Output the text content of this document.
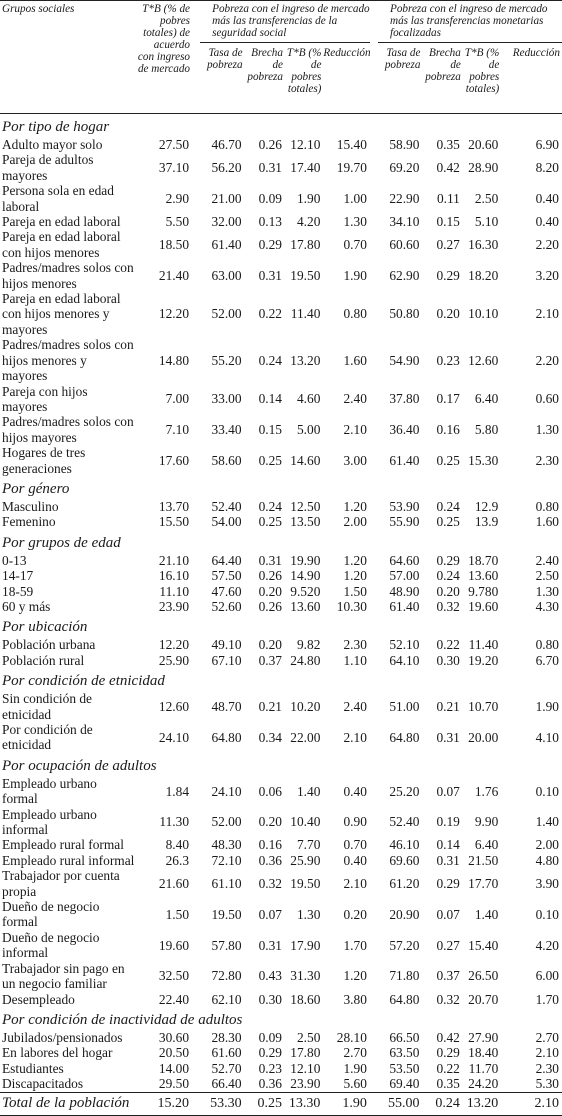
Grupos sociales	T*B (% de pobres totales) de acuerdo con ingreso de mercado		Pobreza con el ingreso de mercado más las transferencias de la seguridad social					Pobreza con el ingreso de mercado más las transferencias monetarias focalizadas			
			Tasa de pobreza	Brecha de pobreza	T*B (% de pobres totales)	Reducción		Tasa de pobreza	Brecha de pobreza	T*B (% de pobres totales)	Reducción

Por tipo de hogar											
Adulto mayor solo	27.50		46.70	0.26	12.10	15.40		58.90	0.35	20.60	6.90
Pareja de adultos mayores	37.10		56.20	0.31	17.40	19.70		69.20	0.42	28.90	8.20
Persona sola en edad laboral	2.90		21.00	0.09	1.90	1.00		22.90	0.11	2.50	0.40
Pareja en edad laboral	5.50		32.00	0.13	4.20	1.30		34.10	0.15	5.10	0.40
Pareja en edad laboral con hijos menores	18.50		61.40	0.29	17.80	0.70		60.60	0.27	16.30	2.20
Padres/madres solos con hijos menores	21.40		63.00	0.31	19.50	1.90		62.90	0.29	18.20	3.20
Pareja en edad laboral con hijos menores y mayores	12.20		52.00	0.22	11.40	0.80		50.80	0.20	10.10	2.10
Padres/madres solos con hijos menores y mayores	14.80		55.20	0.24	13.20	1.60		54.90	0.23	12.60	2.20
Pareja con hijos mayores	7.00		33.00	0.14	4.60	2.40		37.80	0.17	6.40	0.60
Padres/madres solos con hijos mayores	7.10		33.40	0.15	5.00	2.10		36.40	0.16	5.80	1.30
Hogares de tres generaciones	17.60		58.60	0.25	14.60	3.00		61.40	0.25	15.30	2.30
Por género											
Masculino	13.70		52.40	0.24	12.50	1.20		53.90	0.24	12.9	0.80
Femenino	15.50		54.00	0.25	13.50	2.00		55.90	0.25	13.9	1.60
Por grupos de edad											
0-13	21.10		64.40	0.31	19.90	1.20		64.60	0.29	18.70	2.40
14-17	16.10		57.50	0.26	14.90	1.20		57.00	0.24	13.60	2.50
18-59	11.10		47.60	0.20	9.520	1.50		48.90	0.20	9.780	1.30
60 y más	23.90		52.60	0.26	13.60	10.30		61.40	0.32	19.60	4.30
Por ubicación											
Población urbana	12.20		49.10	0.20	9.82	2.30		52.10	0.22	11.40	0.80
Población rural	25.90		67.10	0.37	24.80	1.10		64.10	0.30	19.20	6.70
Por condición de etnicidad											
Sin condición de etnicidad	12.60		48.70	0.21	10.20	2.40		51.00	0.21	10.70	1.90
Por condición de etnicidad	24.10		64.80	0.34	22.00	2.10		64.80	0.31	20.00	4.10
Por ocupación de adultos											
Empleado urbano formal	1.84		24.10	0.06	1.40	0.40		25.20	0.07	1.76	0.10
Empleado urbano informal	11.30		52.00	0.20	10.40	0.90		52.40	0.19	9.90	1.40
Empleado rural formal	8.40		48.30	0.16	7.70	0.70		46.10	0.14	6.40	2.00
Empleado rural informal	26.3		72.10	0.36	25.90	0.40		69.60	0.31	21.50	4.80
Trabajador por cuenta propia	21.60		61.10	0.32	19.50	2.10		61.20	0.29	17.70	3.90
Dueño de negocio formal	1.50		19.50	0.07	1.30	0.20		20.90	0.07	1.40	0.10
Dueño de negocio informal	19.60		57.80	0.31	17.90	1.70		57.20	0.27	15.40	4.20
Trabajador sin pago en un negocio familiar	32.50		72.80	0.43	31.30	1.20		71.80	0.37	26.50	6.00
Desempleado	22.40		62.10	0.30	18.60	3.80		64.80	0.32	20.70	1.70
Por condición de inactividad de adultos											
Jubilados/pensionados	30.60		28.30	0.09	2.50	28.10		66.50	0.42	27.90	2.70
En labores del hogar	20.50		61.60	0.29	17.80	2.70		63.50	0.29	18.40	2.10
Estudiantes	14.00		52.70	0.23	12.10	1.90		53.50	0.22	11.70	2.30
Discapacitados	29.50		66.40	0.36	23.90	5.60		69.40	0.35	24.20	5.30
Total de la población	15.20		53.30	0.25	13.30	1.90		55.00	0.24	13.20	2.10
